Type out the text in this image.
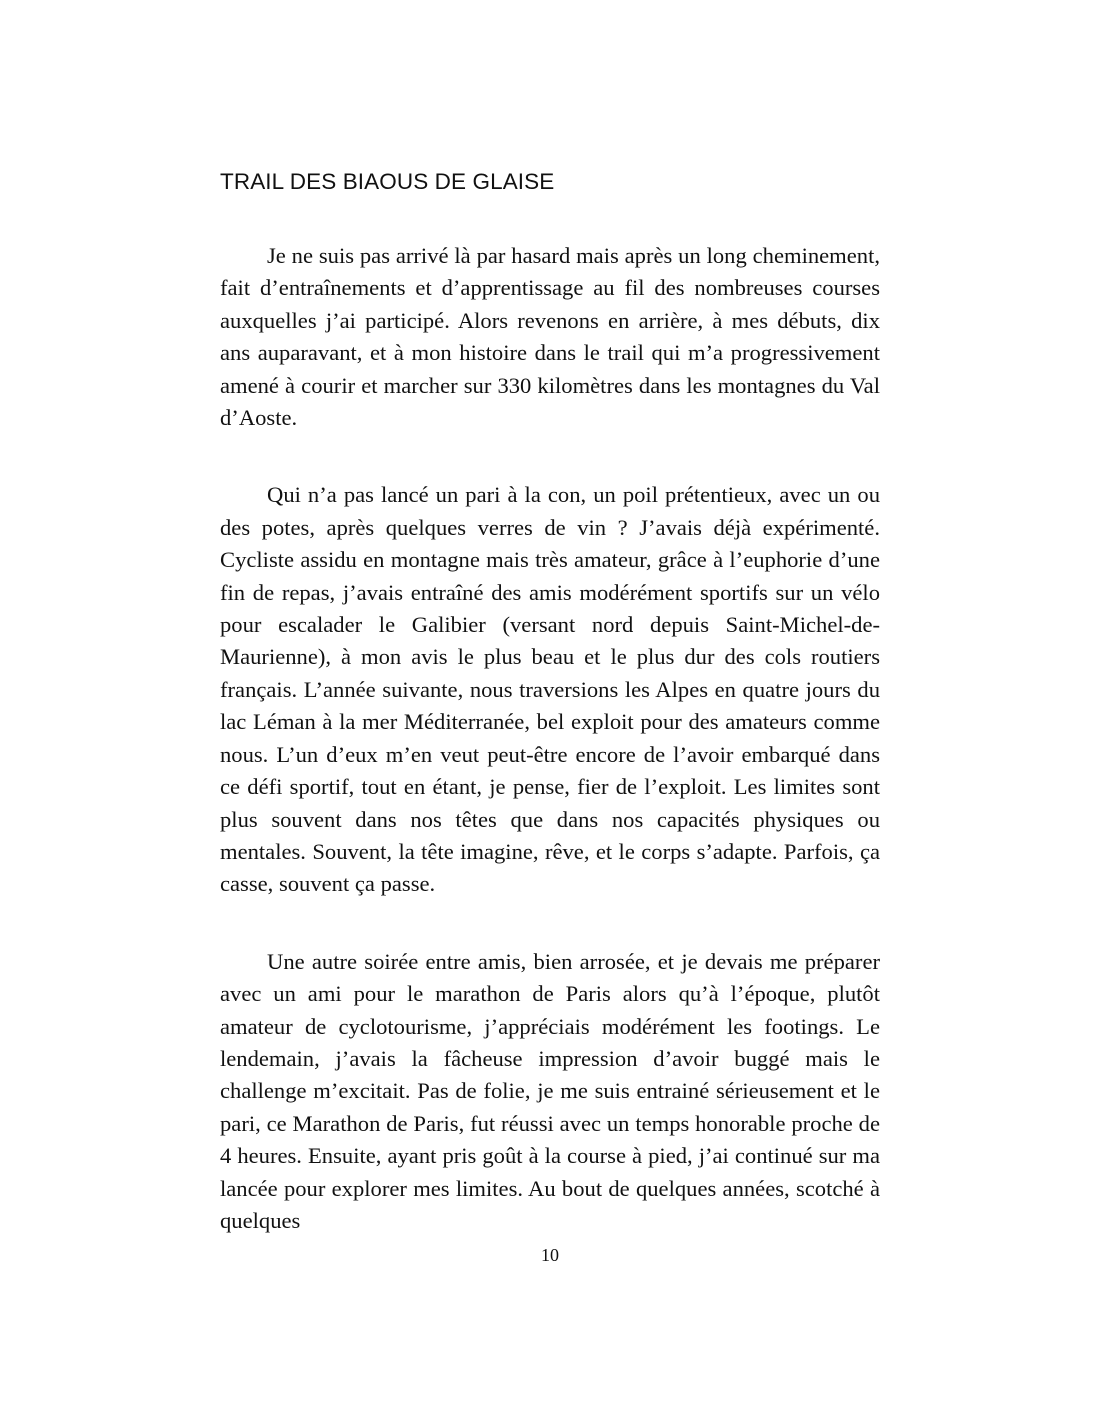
TRAIL DES BIAOUS DE GLAISE

Je ne suis pas arrivé là par hasard mais après un long cheminement, fait d’entraînements et d’apprentissage au fil des nombreuses courses auxquelles j’ai participé. Alors revenons en arrière, à mes débuts, dix ans auparavant, et à mon histoire dans le trail qui m’a progressivement amené à courir et marcher sur 330 kilomètres dans les montagnes du Val d’Aoste.

Qui n’a pas lancé un pari à la con, un poil prétentieux, avec un ou des potes, après quelques verres de vin ? J’avais déjà expérimenté. Cycliste assidu en montagne mais très amateur, grâce à l’euphorie d’une fin de repas, j’avais entraîné des amis modérément sportifs sur un vélo pour escalader le Galibier (versant nord depuis Saint-Michel-de-Maurienne), à mon avis le plus beau et le plus dur des cols routiers français. L’année suivante, nous traversions les Alpes en quatre jours du lac Léman à la mer Méditerranée, bel exploit pour des amateurs comme nous. L’un d’eux m’en veut peut-être encore de l’avoir embarqué dans ce défi sportif, tout en étant, je pense, fier de l’exploit. Les limites sont plus souvent dans nos têtes que dans nos capacités physiques ou mentales. Souvent, la tête imagine, rêve, et le corps s’adapte. Parfois, ça casse, souvent ça passe.

Une autre soirée entre amis, bien arrosée, et je devais me préparer avec un ami pour le marathon de Paris alors qu’à l’époque, plutôt amateur de cyclotourisme, j’appréciais modérément les footings. Le lendemain, j’avais la fâcheuse impression d’avoir buggé mais le challenge m’excitait. Pas de folie, je me suis entrainé sérieusement et le pari, ce Marathon de Paris, fut réussi avec un temps honorable proche de 4 heures. Ensuite, ayant pris goût à la course à pied, j’ai continué sur ma lancée pour explorer mes limites. Au bout de quelques années, scotché à quelques

10
